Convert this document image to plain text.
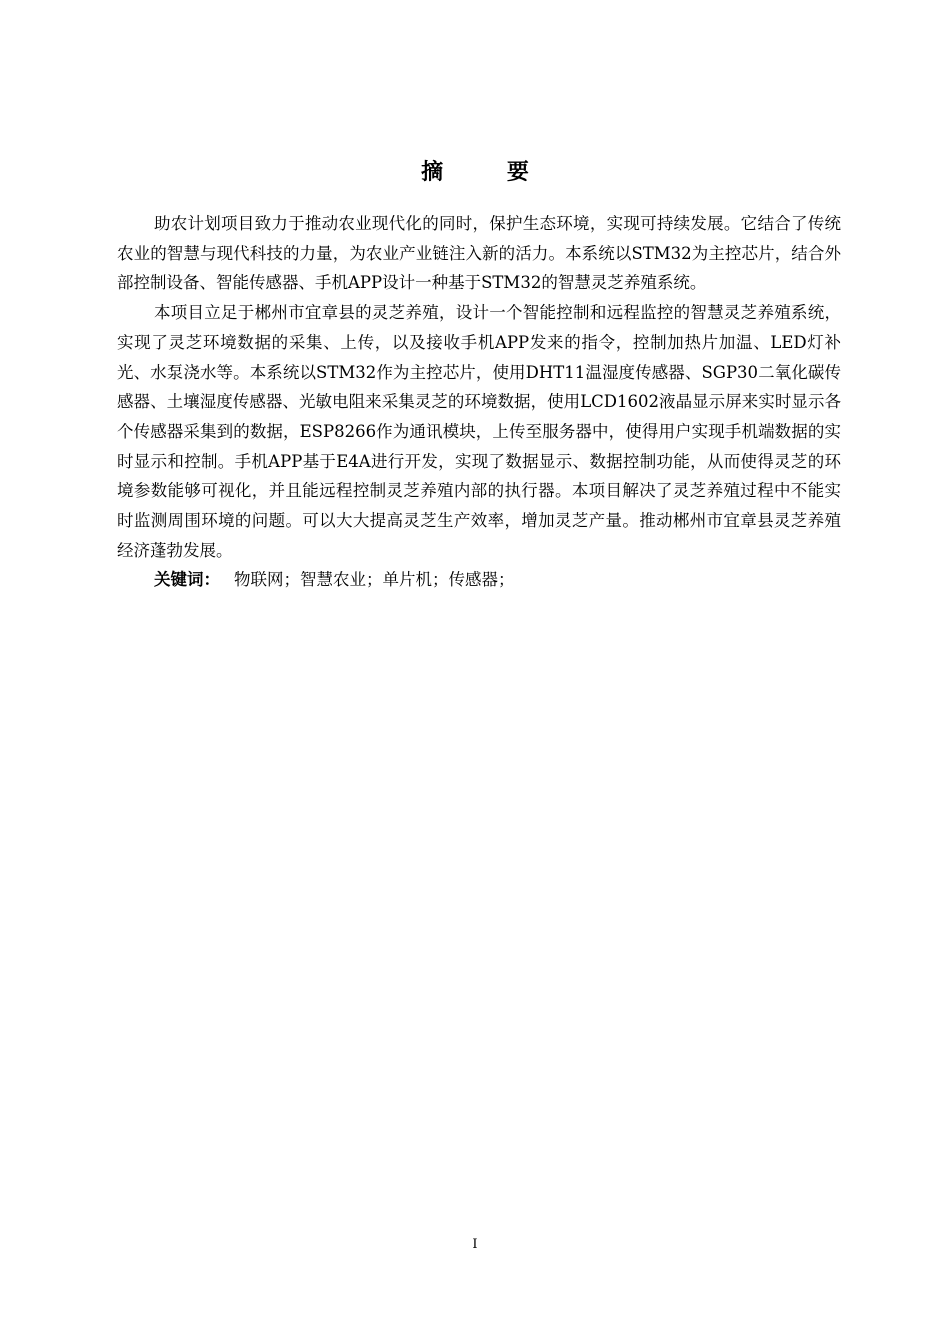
摘 要

助农计划项目致力于推动农业现代化的同时，保护生态环境，实现可持续发展。它结合了传统农业的智慧与现代科技的力量，为农业产业链注入新的活力。本系统以STM32为主控芯片，结合外部控制设备、智能传感器、手机APP设计一种基于STM32的智慧灵芝养殖系统。

本项目立足于郴州市宜章县的灵芝养殖，设计一个智能控制和远程监控的智慧灵芝养殖系统，实现了灵芝环境数据的采集、上传，以及接收手机APP发来的指令，控制加热片加温、LED灯补光、水泵浇水等。本系统以STM32作为主控芯片，使用DHT11温湿度传感器、SGP30二氧化碳传感器、土壤湿度传感器、光敏电阻来采集灵芝的环境数据，使用LCD1602液晶显示屏来实时显示各个传感器采集到的数据，ESP8266作为通讯模块，上传至服务器中，使得用户实现手机端数据的实时显示和控制。手机APP基于E4A进行开发，实现了数据显示、数据控制功能，从而使得灵芝的环境参数能够可视化，并且能远程控制灵芝养殖内部的执行器。本项目解决了灵芝养殖过程中不能实时监测周围环境的问题。可以大大提高灵芝生产效率，增加灵芝产量。推动郴州市宜章县灵芝养殖经济蓬勃发展。

关键词： 物联网；智慧农业；单片机；传感器；

I
